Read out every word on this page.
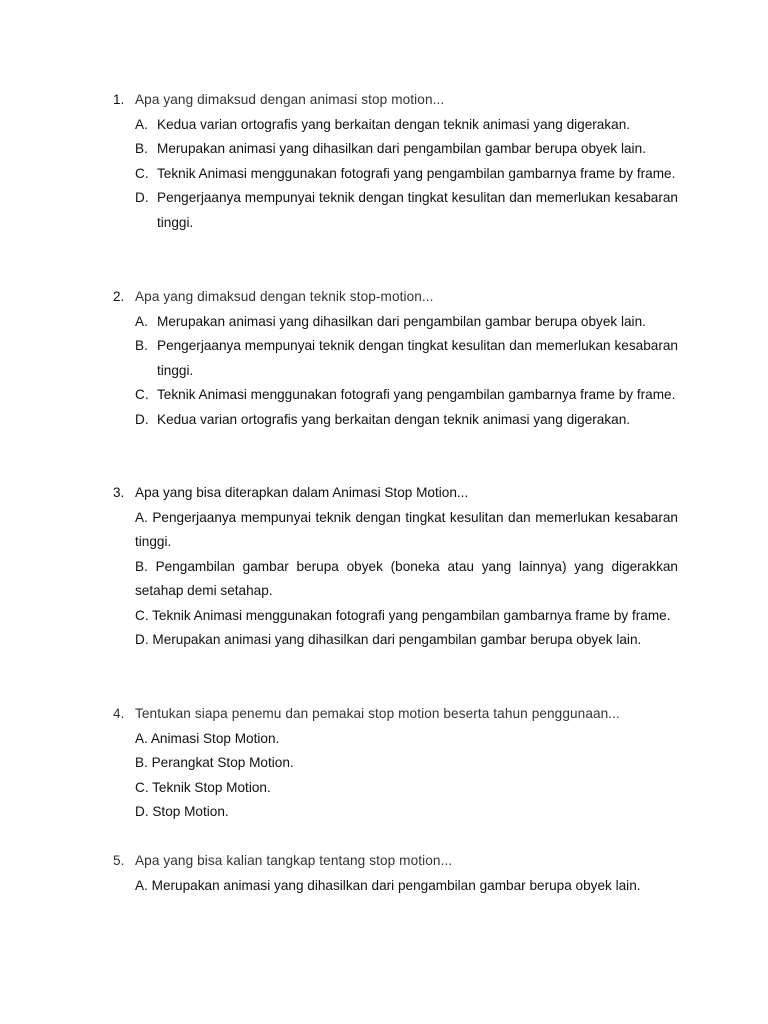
1. Apa yang dimaksud dengan animasi stop motion...
A. Kedua varian ortografis yang berkaitan dengan teknik animasi yang digerakan.
B. Merupakan animasi yang dihasilkan dari pengambilan gambar berupa obyek lain.
C. Teknik Animasi menggunakan fotografi yang pengambilan gambarnya frame by frame.
D. Pengerjaanya mempunyai teknik dengan tingkat kesulitan dan memerlukan kesabaran tinggi.
2. Apa yang dimaksud dengan teknik stop-motion...
A. Merupakan animasi yang dihasilkan dari pengambilan gambar berupa obyek lain.
B. Pengerjaanya mempunyai teknik dengan tingkat kesulitan dan memerlukan kesabaran tinggi.
C. Teknik Animasi menggunakan fotografi yang pengambilan gambarnya frame by frame.
D. Kedua varian ortografis yang berkaitan dengan teknik animasi yang digerakan.
3. Apa yang bisa diterapkan dalam Animasi Stop Motion...
A. Pengerjaanya mempunyai teknik dengan tingkat kesulitan dan memerlukan kesabaran tinggi.
B. Pengambilan gambar berupa obyek (boneka atau yang lainnya) yang digerakkan setahap demi setahap.
C. Teknik Animasi menggunakan fotografi yang pengambilan gambarnya frame by frame.
D. Merupakan animasi yang dihasilkan dari pengambilan gambar berupa obyek lain.
4. Tentukan siapa penemu dan pemakai stop motion beserta tahun penggunaan...
A. Animasi Stop Motion.
B. Perangkat Stop Motion.
C. Teknik Stop Motion.
D. Stop Motion.
5. Apa yang bisa kalian tangkap tentang stop motion...
A. Merupakan animasi yang dihasilkan dari pengambilan gambar berupa obyek lain.
